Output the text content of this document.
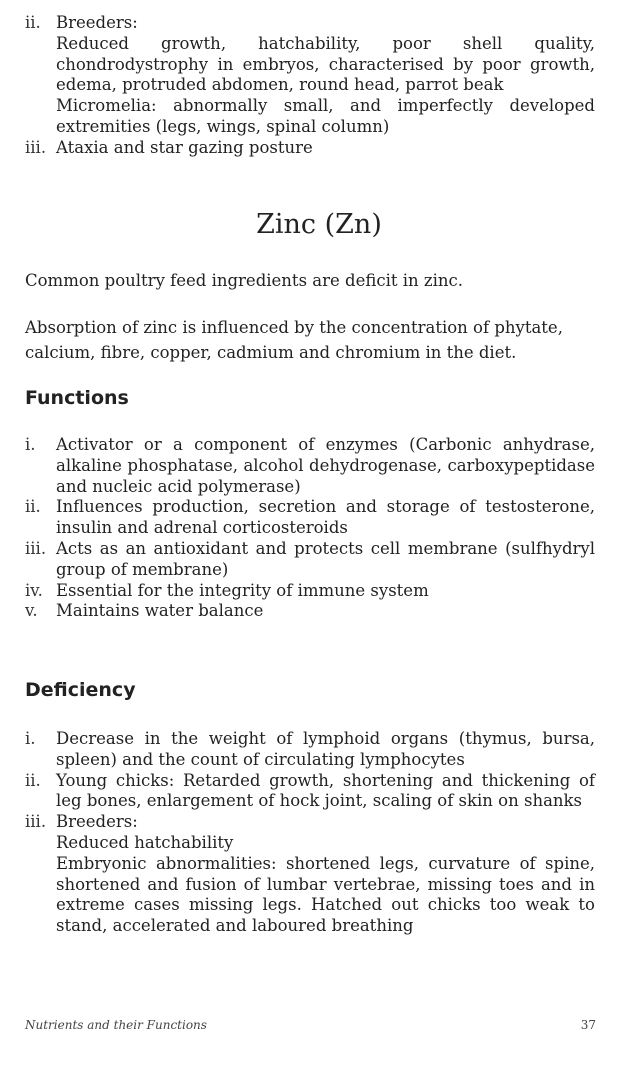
ii. Breeders:

Reduced growth, hatchability, poor shell quality, chondrodystrophy in embryos, characterised by poor growth, edema, protruded abdomen, round head, parrot beak

Micromelia: abnormally small, and imperfectly developed extremities (legs, wings, spinal column)

iii. Ataxia and star gazing posture

Zinc (Zn)

Common poultry feed ingredients are deficit in zinc.

Absorption of zinc is influenced by the concentration of phytate, calcium, fibre, copper, cadmium and chromium in the diet.

Functions
i.	Activator or a component of enzymes (Carbonic anhydrase, alkaline phosphatase, alcohol dehydrogenase, carboxypeptidase and nucleic acid polymerase)
ii. Influences production, secretion and storage of testosterone, insulin and adrenal corticosteroids
iii. Acts as an antioxidant and protects cell membrane (sulfhydryl group of membrane)
iv. Essential for the integrity of immune system
v.	Maintains water balance
Deficiency
i.	Decrease in the weight of lymphoid organs (thymus, bursa, spleen) and the count of circulating lymphocytes

ii. Young chicks: Retarded growth, shortening and thickening of leg bones, enlargement of hock joint, scaling of skin on shanks

iii. Breeders:

Reduced hatchability

Embryonic abnormalities: shortened legs, curvature of spine, shortened and fusion of lumbar vertebrae, missing toes and in extreme cases missing legs. Hatched out chicks too weak to stand, accelerated and laboured breathing

Nutrients and their Functions	37
